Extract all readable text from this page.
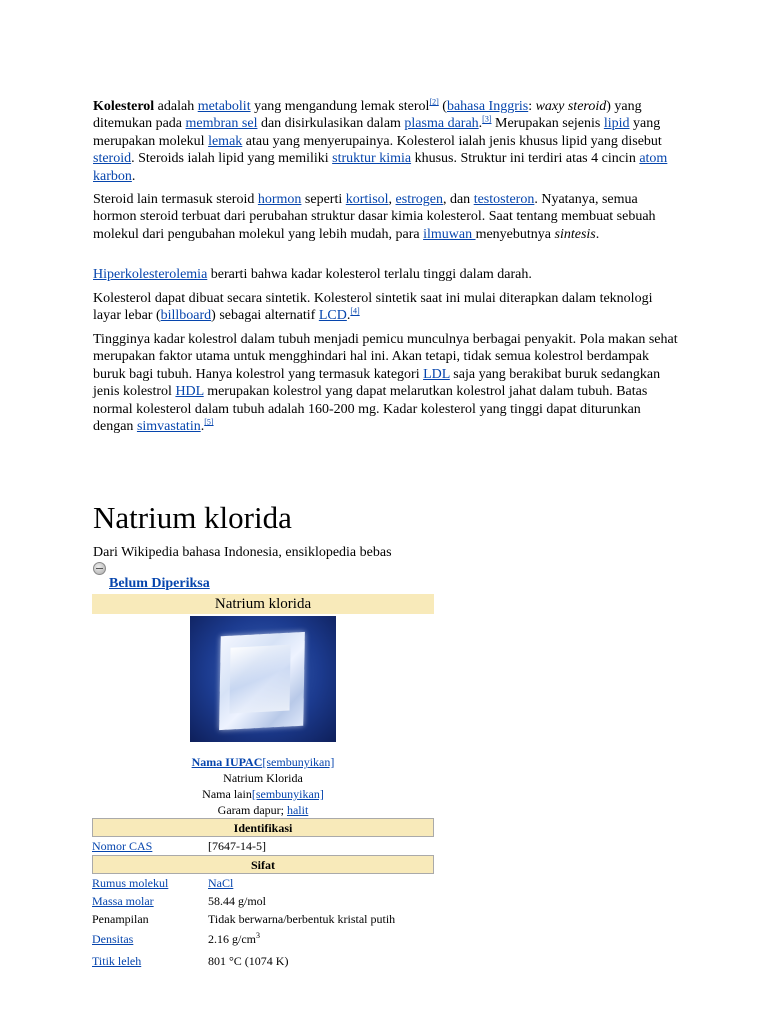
Kolesterol adalah metabolit yang mengandung lemak sterol[2] (bahasa Inggris: waxy steroid) yang ditemukan pada membran sel dan disirkulasikan dalam plasma darah.[3] Merupakan sejenis lipid yang merupakan molekul lemak atau yang menyerupainya. Kolesterol ialah jenis khusus lipid yang disebut steroid. Steroids ialah lipid yang memiliki struktur kimia khusus. Struktur ini terdiri atas 4 cincin atom karbon.

Steroid lain termasuk steroid hormon seperti kortisol, estrogen, dan testosteron. Nyatanya, semua hormon steroid terbuat dari perubahan struktur dasar kimia kolesterol. Saat tentang membuat sebuah molekul dari pengubahan molekul yang lebih mudah, para ilmuwan menyebutnya sintesis.

Hiperkolesterolemia berarti bahwa kadar kolesterol terlalu tinggi dalam darah.

Kolesterol dapat dibuat secara sintetik. Kolesterol sintetik saat ini mulai diterapkan dalam teknologi layar lebar (billboard) sebagai alternatif LCD.[4]

Tingginya kadar kolestrol dalam tubuh menjadi pemicu munculnya berbagai penyakit. Pola makan sehat merupakan faktor utama untuk mengghindari hal ini. Akan tetapi, tidak semua kolestrol berdampak buruk bagi tubuh. Hanya kolestrol yang termasuk kategori LDL saja yang berakibat buruk sedangkan jenis kolestrol HDL merupakan kolestrol yang dapat melarutkan kolestrol jahat dalam tubuh. Batas normal kolesterol dalam tubuh adalah 160-200 mg. Kadar kolesterol yang tinggi dapat diturunkan dengan simvastatin.[5]

Natrium klorida

Dari Wikipedia bahasa Indonesia, ensiklopedia bebas

Belum Diperiksa
Natrium klorida
Nama IUPAC[sembunyikan]
Natrium Klorida
Nama lain[sembunyikan]
Garam dapur; halit
Identifikasi
Nomor CAS	[7647-14-5]
Sifat
Rumus molekul	NaCl
Massa molar	58.44 g/mol
Penampilan	Tidak berwarna/berbentuk kristal putih
Densitas	2.16 $g/cm^3$
Titik leleh	801 °C (1074 K)
